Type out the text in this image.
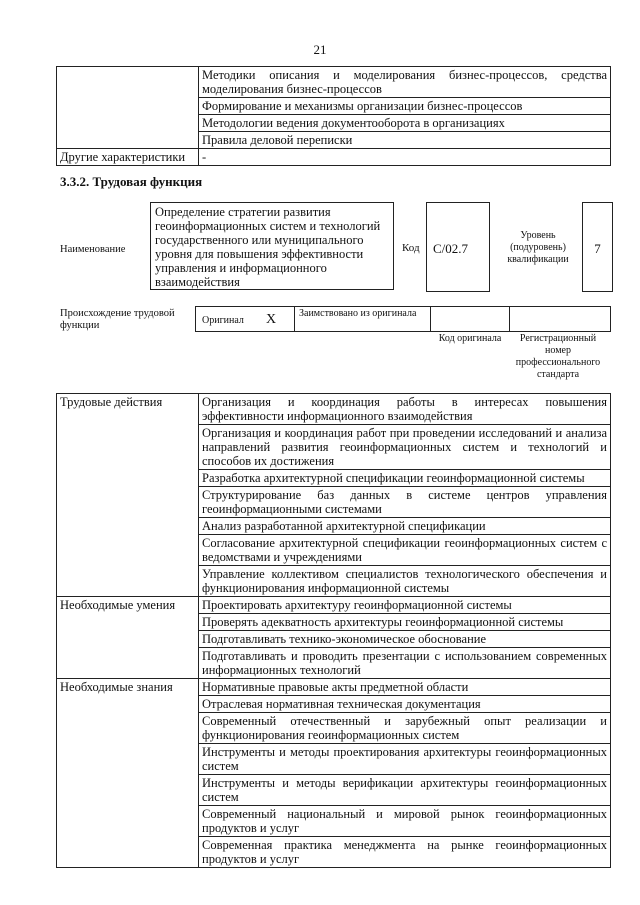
21
	Методики описания и моделирования бизнес-процессов, средства моделирования бизнес-процессов
	Формирование и механизмы организации бизнес-процессов
	Методологии ведения документооборота в организациях
	Правила деловой переписки
Другие характеристики	-
3.3.2. Трудовая функция
Наименование
Определение стратегии развития геоинформационных систем и технологий государственного или муниципального уровня для повышения эффективности управления и информационного взаимодействия
Код C/02.7
Уровень (подуровень) квалификации
7
Происхождение трудовой функции	Оригинал X Заимствовано из оригинала
Код оригинала	Регистрационный номер профессионального стандарта
Трудовые действия	Организация и координация работы в интересах повышения эффективности информационного взаимодействия
	Организация и координация работ при проведении исследований и анализа направлений развития геоинформационных систем и технологий и способов их достижения
	Разработка архитектурной спецификации геоинформационной системы
	Структурирование баз данных в системе центров управления геоинформационными системами
	Анализ разработанной архитектурной спецификации
	Согласование архитектурной спецификации геоинформационных систем с ведомствами и учреждениями
	Управление коллективом специалистов технологического обеспечения и функционирования информационной системы
Необходимые умения	Проектировать архитектуру геоинформационной системы
	Проверять адекватность архитектуры геоинформационной системы
	Подготавливать технико-экономическое обоснование
	Подготавливать и проводить презентации с использованием современных информационных технологий
Необходимые знания	Нормативные правовые акты предметной области
	Отраслевая нормативная техническая документация
	Современный отечественный и зарубежный опыт реализации и функционирования геоинформационных систем
	Инструменты и методы проектирования архитектуры геоинформационных систем
	Инструменты и методы верификации архитектуры геоинформационных систем
	Современный национальный и мировой рынок геоинформационных продуктов и услуг
	Современная практика менеджмента на рынке геоинформационных продуктов и услуг
